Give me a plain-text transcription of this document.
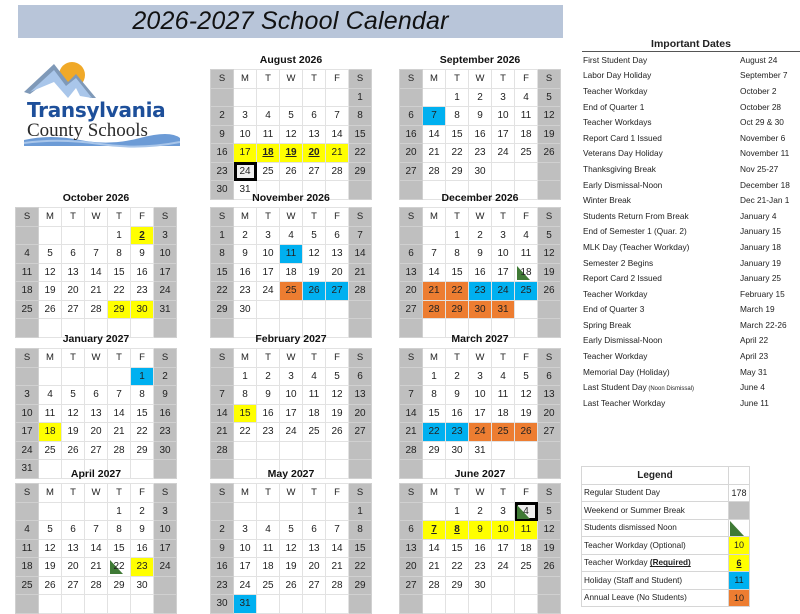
2026-2027 School Calendar
Transylvania
County Schools
August 2026
S	M	T	W	T	F	S
						1
2	3	4	5	6	7	8
9	10	11	12	13	14	15
16	17	18	19	20	21	22
23	24	25	26	27	28	29
30	31					
September 2026
S	M	T	W	T	F	S
		1	2	3	4	5
6	7	8	9	10	11	12
16	14	15	16	17	18	19
20	21	22	23	24	25	26
27	28	29	30			

October 2026
S	M	T	W	T	F	S
				1	2	3
4	5	6	7	8	9	10
11	12	13	14	15	16	17
18	19	20	21	22	23	24
25	26	27	28	29	30	31

November 2026
S	M	T	W	T	F	S
1	2	3	4	5	6	7
8	9	10	11	12	13	14
15	16	17	18	19	20	21
22	23	24	25	26	27	28
29	30					

December 2026
S	M	T	W	T	F	S
		1	2	3	4	5
6	7	8	9	10	11	12
13	14	15	16	17	18	19
20	21	22	23	24	25	26
27	28	29	30	31		

January 2027
S	M	T	W	T	F	S
					1	2
3	4	5	6	7	8	9
10	11	12	13	14	15	16
17	18	19	20	21	22	23
24	25	26	27	28	29	30
31						
February 2027
S	M	T	W	T	F	S
	1	2	3	4	5	6
7	8	9	10	11	12	13
14	15	16	17	18	19	20
21	22	23	24	25	26	27
28						

March 2027
S	M	T	W	T	F	S
	1	2	3	4	5	6
7	8	9	10	11	12	13
14	15	16	17	18	19	20
21	22	23	24	25	26	27
28	29	30	31			

April 2027
S	M	T	W	T	F	S
				1	2	3
4	5	6	7	8	9	10
11	12	13	14	15	16	17
18	19	20	21	22	23	24
25	26	27	28	29	30	

May 2027
S	M	T	W	T	F	S
						1
2	3	4	5	6	7	8
9	10	11	12	13	14	15
16	17	18	19	20	21	22
23	24	25	26	27	28	29
30	31					
June 2027
S	M	T	W	T	F	S
		1	2	3	4	5
6	7	8	9	10	11	12
13	14	15	16	17	18	19
20	21	22	23	24	25	26
27	28	29	30			

Important Dates
First Student Day	August 24
Labor Day Holiday	September 7
Teacher Workday	October 2
End of Quarter 1	October 28
Teacher Workdays	Oct 29 & 30
Report Card 1 Issued	November 6
Veterans Day Holiday	November 11
Thanksgiving Break	Nov 25-27
Early Dismissal-Noon	December 18
Winter Break	Dec 21-Jan 1
Students Return From Break	January 4
End of Semester 1 (Quar. 2)	January 15
MLK Day (Teacher Workday)	January 18
Semester 2 Begins	January 19
Report Card 2 Issued	January 25
Teacher Workday	February 15
End of Quarter 3	March 19
Spring Break	March 22-26
Early Dismissal-Noon	April 22
Teacher Workday	April 23
Memorial Day (Holiday)	May 31
Last Student Day (Noon Dismissal)	June 4
Last Teacher Workday	June 11
Legend	
Regular Student Day	178
Weekend or Summer Break	
Students dismissed Noon	

Teacher Workday (Optional)	10
Teacher Workday (Required)	6
Holiday (Staff and Student)	11
Annual Leave (No Students)	10
